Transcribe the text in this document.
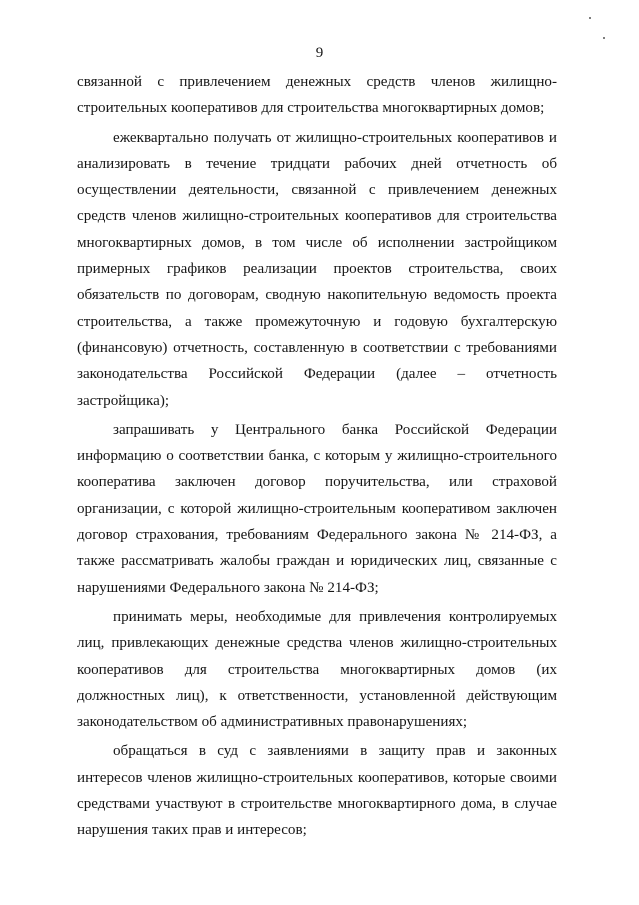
9

связанной с привлечением денежных средств членов жилищно-строительных кооперативов для строительства многоквартирных домов;

ежеквартально получать от жилищно-строительных кооперативов и анализировать в течение тридцати рабочих дней отчетность об осуществлении деятельности, связанной с привлечением денежных средств членов жилищно-строительных кооперативов для строительства многоквартирных домов, в том числе об исполнении застройщиком примерных графиков реализации проектов строительства, своих обязательств по договорам, сводную накопительную ведомость проекта строительства, а также промежуточную и годовую бухгалтерскую (финансовую) отчетность, составленную в соответствии с требованиями законодательства Российской Федерации (далее – отчетность застройщика);

запрашивать у Центрального банка Российской Федерации информацию о соответствии банка, с которым у жилищно-строительного кооператива заключен договор поручительства, или страховой организации, с которой жилищно-строительным кооперативом заключен договор страхования, требованиям Федерального закона № 214-ФЗ, а также рассматривать жалобы граждан и юридических лиц, связанные с нарушениями Федерального закона № 214-ФЗ;

принимать меры, необходимые для привлечения контролируемых лиц, привлекающих денежные средства членов жилищно-строительных кооперативов для строительства многоквартирных домов (их должностных лиц), к ответственности, установленной действующим законодательством об административных правонарушениях;

обращаться в суд с заявлениями в защиту прав и законных интересов членов жилищно-строительных кооперативов, которые своими средствами участвуют в строительстве многоквартирного дома, в случае нарушения таких прав и интересов;
